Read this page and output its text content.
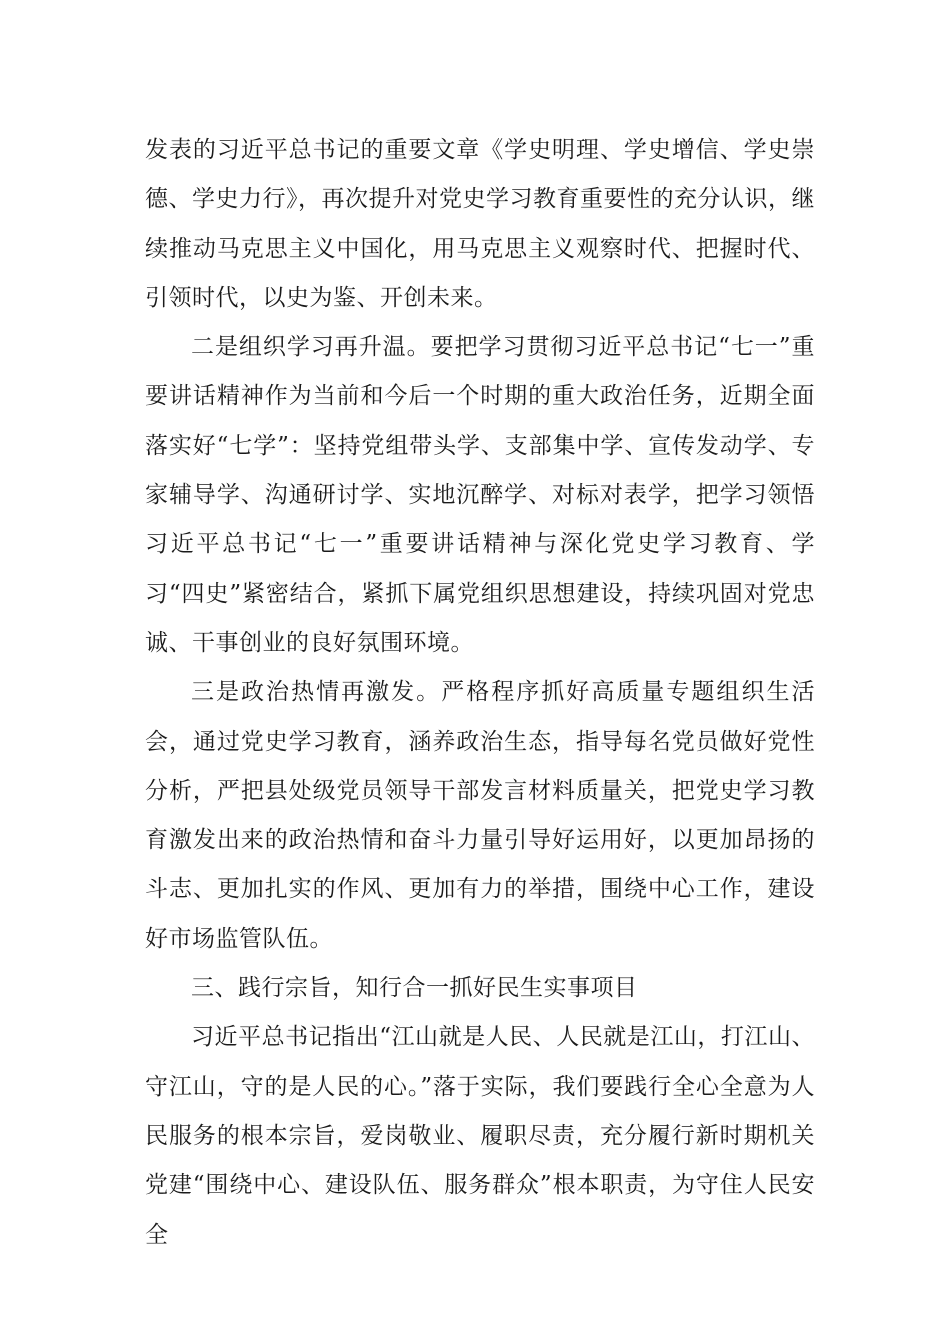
发表的习近平总书记的重要文章《学史明理、学史增信、学史崇德、学史力行》，再次提升对党史学习教育重要性的充分认识，继续推动马克思主义中国化，用马克思主义观察时代、把握时代、引领时代，以史为鉴、开创未来。

二是组织学习再升温。要把学习贯彻习近平总书记“七一”重要讲话精神作为当前和今后一个时期的重大政治任务，近期全面落实好“七学”：坚持党组带头学、支部集中学、宣传发动学、专家辅导学、沟通研讨学、实地沉醉学、对标对表学，把学习领悟习近平总书记“七一”重要讲话精神与深化党史学习教育、学习“四史”紧密结合，紧抓下属党组织思想建设，持续巩固对党忠诚、干事创业的良好氛围环境。

三是政治热情再激发。严格程序抓好高质量专题组织生活会，通过党史学习教育，涵养政治生态，指导每名党员做好党性分析，严把县处级党员领导干部发言材料质量关，把党史学习教育激发出来的政治热情和奋斗力量引导好运用好，以更加昂扬的斗志、更加扎实的作风、更加有力的举措，围绕中心工作，建设好市场监管队伍。

三、践行宗旨，知行合一抓好民生实事项目

习近平总书记指出“江山就是人民、人民就是江山，打江山、守江山，守的是人民的心。”落于实际，我们要践行全心全意为人民服务的根本宗旨，爱岗敬业、履职尽责，充分履行新时期机关党建“围绕中心、建设队伍、服务群众”根本职责，为守住人民安全
